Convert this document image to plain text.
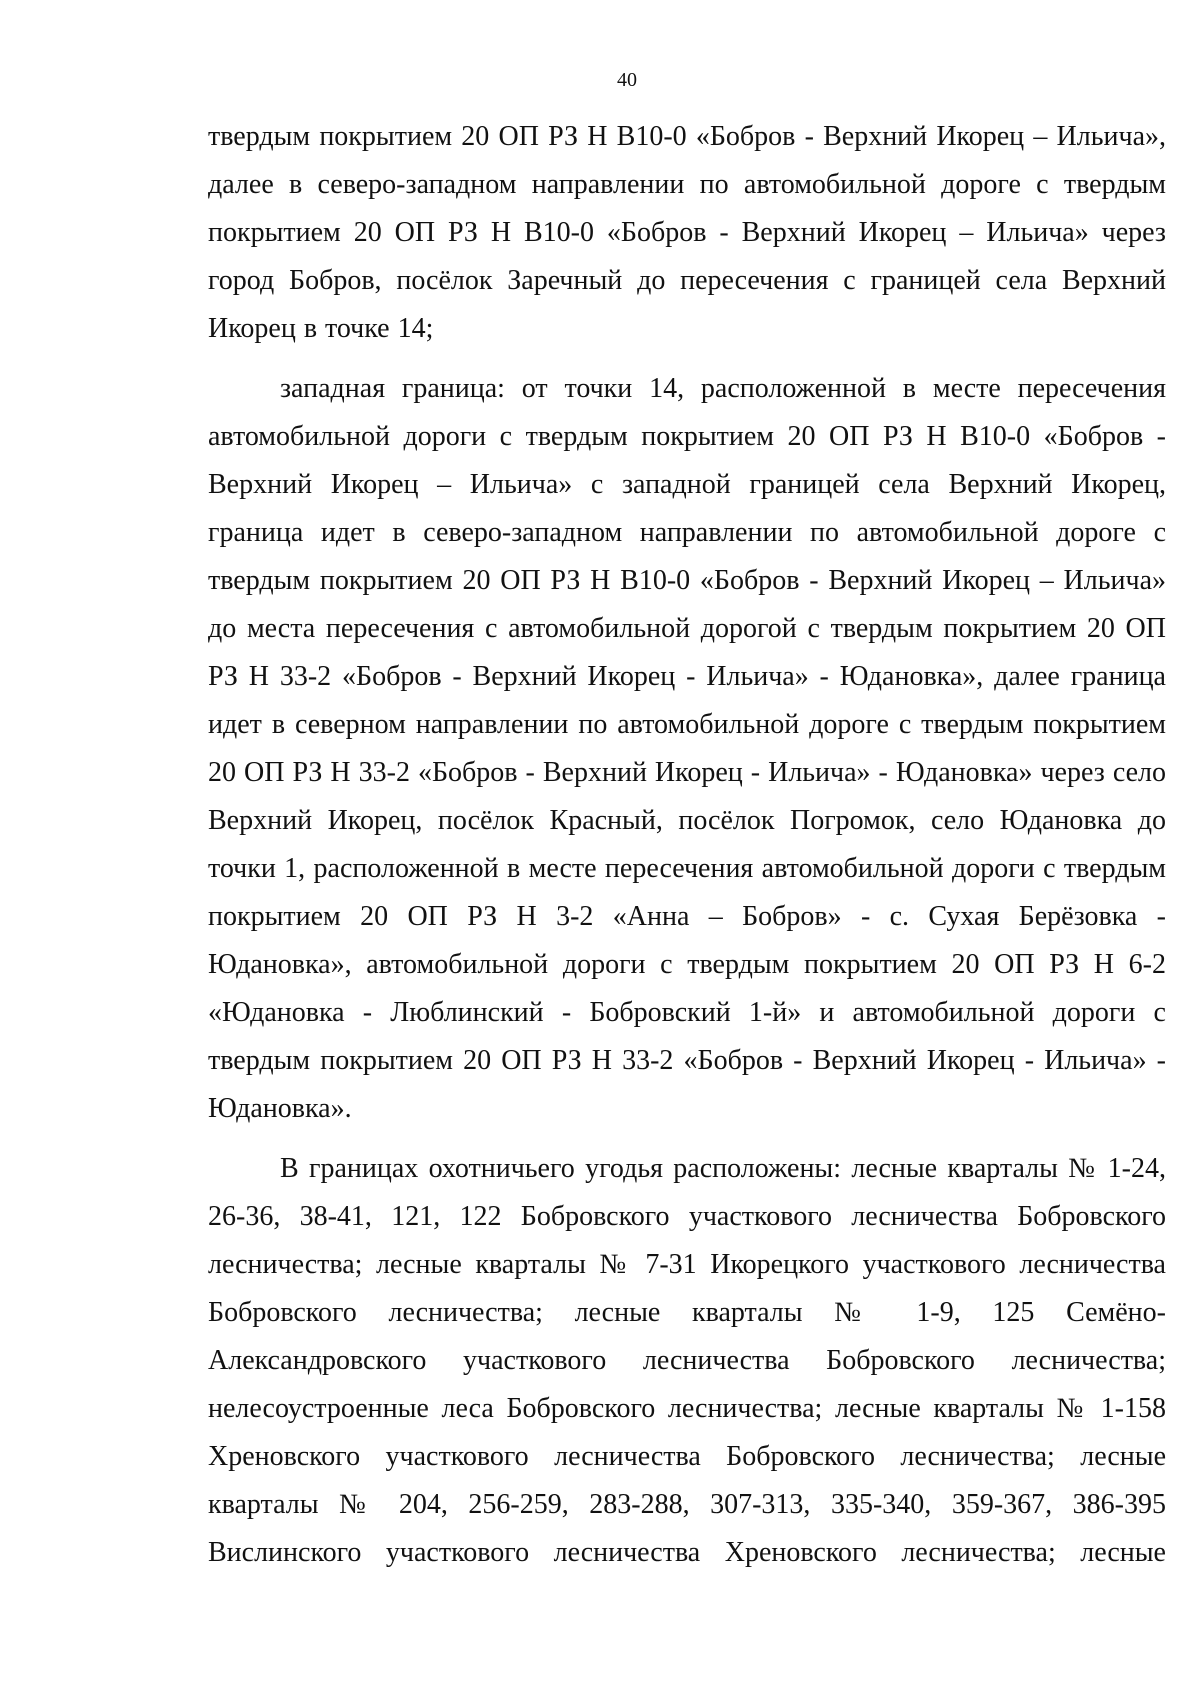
40

твердым покрытием 20 ОП РЗ Н В10-0 «Бобров - Верхний Икорец – Ильича», далее в северо-западном направлении по автомобильной дороге с твердым покрытием 20 ОП РЗ Н В10-0 «Бобров - Верхний Икорец – Ильича» через город Бобров, посёлок Заречный до пересечения с границей села Верхний Икорец в точке 14;

западная граница: от точки 14, расположенной в месте пересечения автомобильной дороги с твердым покрытием 20 ОП РЗ Н В10-0 «Бобров - Верхний Икорец – Ильича» с западной границей села Верхний Икорец, граница идет в северо-западном направлении по автомобильной дороге с твердым покрытием 20 ОП РЗ Н В10-0 «Бобров - Верхний Икорец – Ильича» до места пересечения с автомобильной дорогой с твердым покрытием 20 ОП РЗ Н 33-2 «Бобров - Верхний Икорец - Ильича» - Юдановка», далее граница идет в северном направлении по автомобильной дороге с твердым покрытием 20 ОП РЗ Н 33-2 «Бобров - Верхний Икорец - Ильича» - Юдановка» через село Верхний Икорец, посёлок Красный, посёлок Погромок, село Юдановка до точки 1, расположенной в месте пересечения автомобильной дороги с твердым покрытием 20 ОП РЗ Н 3-2 «Анна – Бобров» - с. Сухая Берёзовка - Юдановка», автомобильной дороги с твердым покрытием 20 ОП РЗ Н 6-2 «Юдановка - Люблинский - Бобровский 1-й» и автомобильной дороги с твердым покрытием 20 ОП РЗ Н 33-2 «Бобров - Верхний Икорец - Ильича» - Юдановка».

В границах охотничьего угодья расположены: лесные кварталы № 1-24, 26-36, 38-41, 121, 122 Бобровского участкового лесничества Бобровского лесничества; лесные кварталы № 7-31 Икорецкого участкового лесничества Бобровского лесничества; лесные кварталы № 1-9, 125 Семёно-Александровского участкового лесничества Бобровского лесничества; нелесоустроенные леса Бобровского лесничества; лесные кварталы № 1-158 Хреновского участкового лесничества Бобровского лесничества; лесные кварталы № 204, 256-259, 283-288, 307-313, 335-340, 359-367, 386-395 Вислинского участкового лесничества Хреновского лесничества; лесные
